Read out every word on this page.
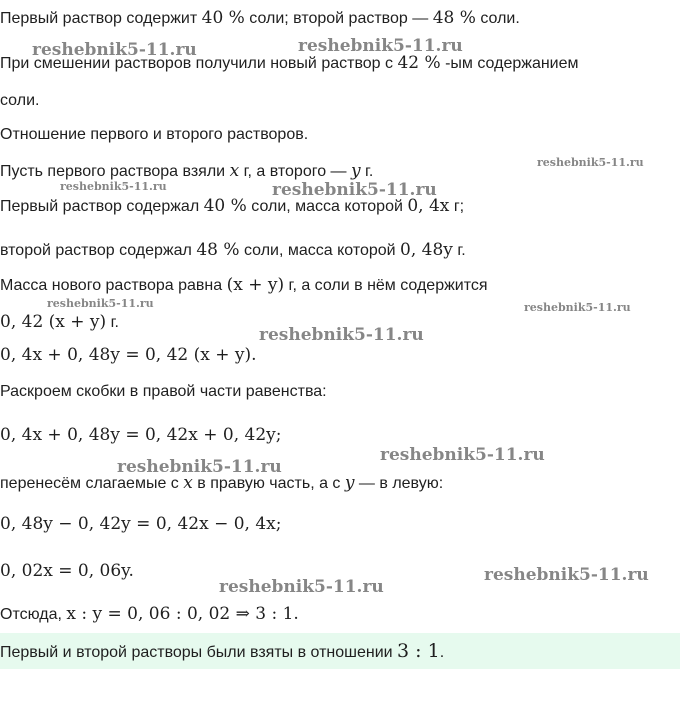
Первый раствор содержит 40 % соли; второй раствор — 48 % соли.
При смешении растворов получили новый раствор с 42 % -ым содержанием
соли.
Отношение первого и второго растворов.
Пусть первого раствора взяли x г, а второго — y г.
Первый раствор содержал 40 % соли, масса которой 0, 4x г;
второй раствор содержал 48 % соли, масса которой 0, 48y г.
Масса нового раствора равна (x + y) г, а соли в нём содержится
0, 42 (x + y) г.
0, 4x + 0, 48y = 0, 42 (x + y).
Раскроем скобки в правой части равенства:
0, 4x + 0, 48y = 0, 42x + 0, 42y;
перенесём слагаемые с x в правую часть, а с y — в левую:
0, 48y − 0, 42y = 0, 42x − 0, 4x;
0, 02x = 0, 06y.
Отсюда, x : y = 0, 06 : 0, 02 ⇒ 3 : 1.
Первый и второй растворы были взяты в отношении 3 : 1.
reshebnik5-11.ru	reshebnik5-11.ru
reshebnik5-11.ru
reshebnik5-11.ru	reshebnik5-11.ru
reshebnik5-11.ru	reshebnik5-11.ru
reshebnik5-11.ru
reshebnik5-11.ru
reshebnik5-11.ru
reshebnik5-11.ru
reshebnik5-11.ru
